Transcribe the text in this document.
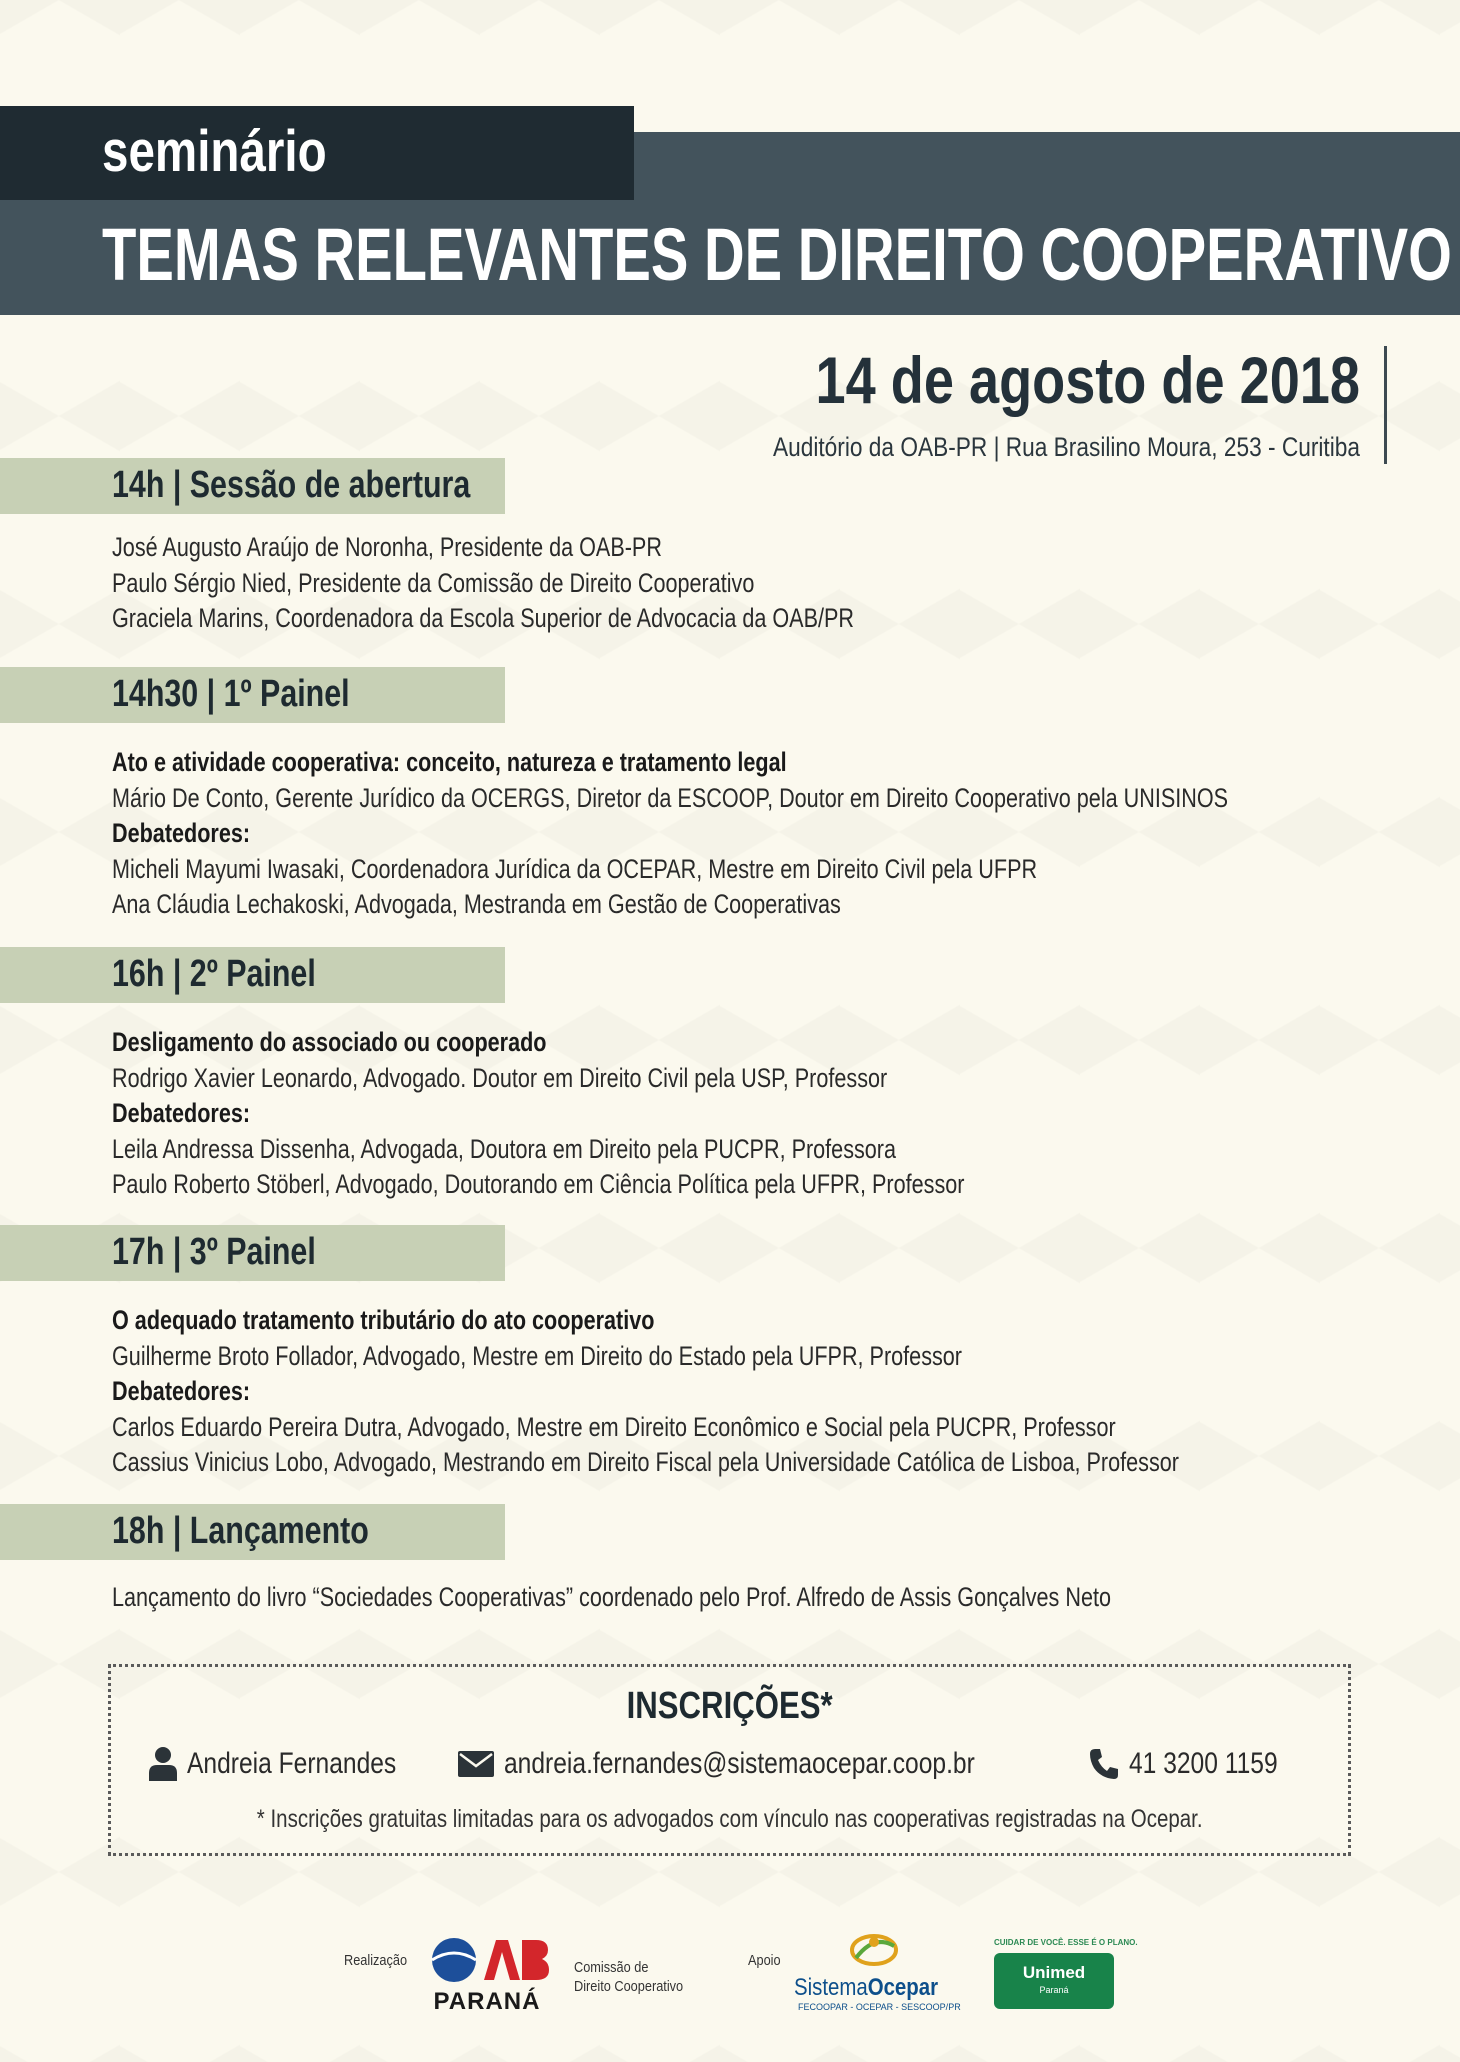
seminário
TEMAS RELEVANTES DE DIREITO COOPERATIVO
14 de agosto de 2018
Auditório da OAB-PR | Rua Brasilino Moura, 253 - Curitiba
14h | Sessão de abertura
José Augusto Araújo de Noronha, Presidente da OAB-PR
Paulo Sérgio Nied, Presidente da Comissão de Direito Cooperativo
Graciela Marins, Coordenadora da Escola Superior de Advocacia da OAB/PR
14h30 | 1º Painel
Ato e atividade cooperativa: conceito, natureza e tratamento legal
Mário De Conto, Gerente Jurídico da OCERGS, Diretor da ESCOOP, Doutor em Direito Cooperativo pela UNISINOS
Debatedores:
Micheli Mayumi Iwasaki, Coordenadora Jurídica da OCEPAR, Mestre em Direito Civil pela UFPR
Ana Cláudia Lechakoski, Advogada, Mestranda em Gestão de Cooperativas
16h | 2º Painel
Desligamento do associado ou cooperado
Rodrigo Xavier Leonardo, Advogado. Doutor em Direito Civil pela USP, Professor
Debatedores:
Leila Andressa Dissenha, Advogada, Doutora em Direito pela PUCPR, Professora
Paulo Roberto Stöberl, Advogado, Doutorando em Ciência Política pela UFPR, Professor
17h | 3º Painel
O adequado tratamento tributário do ato cooperativo
Guilherme Broto Follador, Advogado, Mestre em Direito do Estado pela UFPR, Professor
Debatedores:
Carlos Eduardo Pereira Dutra, Advogado, Mestre em Direito Econômico e Social pela PUCPR, Professor
Cassius Vinicius Lobo, Advogado, Mestrando em Direito Fiscal pela Universidade Católica de Lisboa, Professor
18h | Lançamento
Lançamento do livro “Sociedades Cooperativas” coordenado pelo Prof. Alfredo de Assis Gonçalves Neto
INSCRIÇÕES*
Andreia Fernandes	andreia.fernandes@sistemaocepar.coop.br	41 3200 1159
* Inscrições gratuitas limitadas para os advogados com vínculo nas cooperativas registradas na Ocepar.
Realização
PARANÁ
Comissão de
Direito Cooperativo
Apoio
SistemaOcepar
FECOOPAR - OCEPAR - SESCOOP/PR
CUIDAR DE VOCÊ. ESSE É O PLANO.
Unimed
Paraná
